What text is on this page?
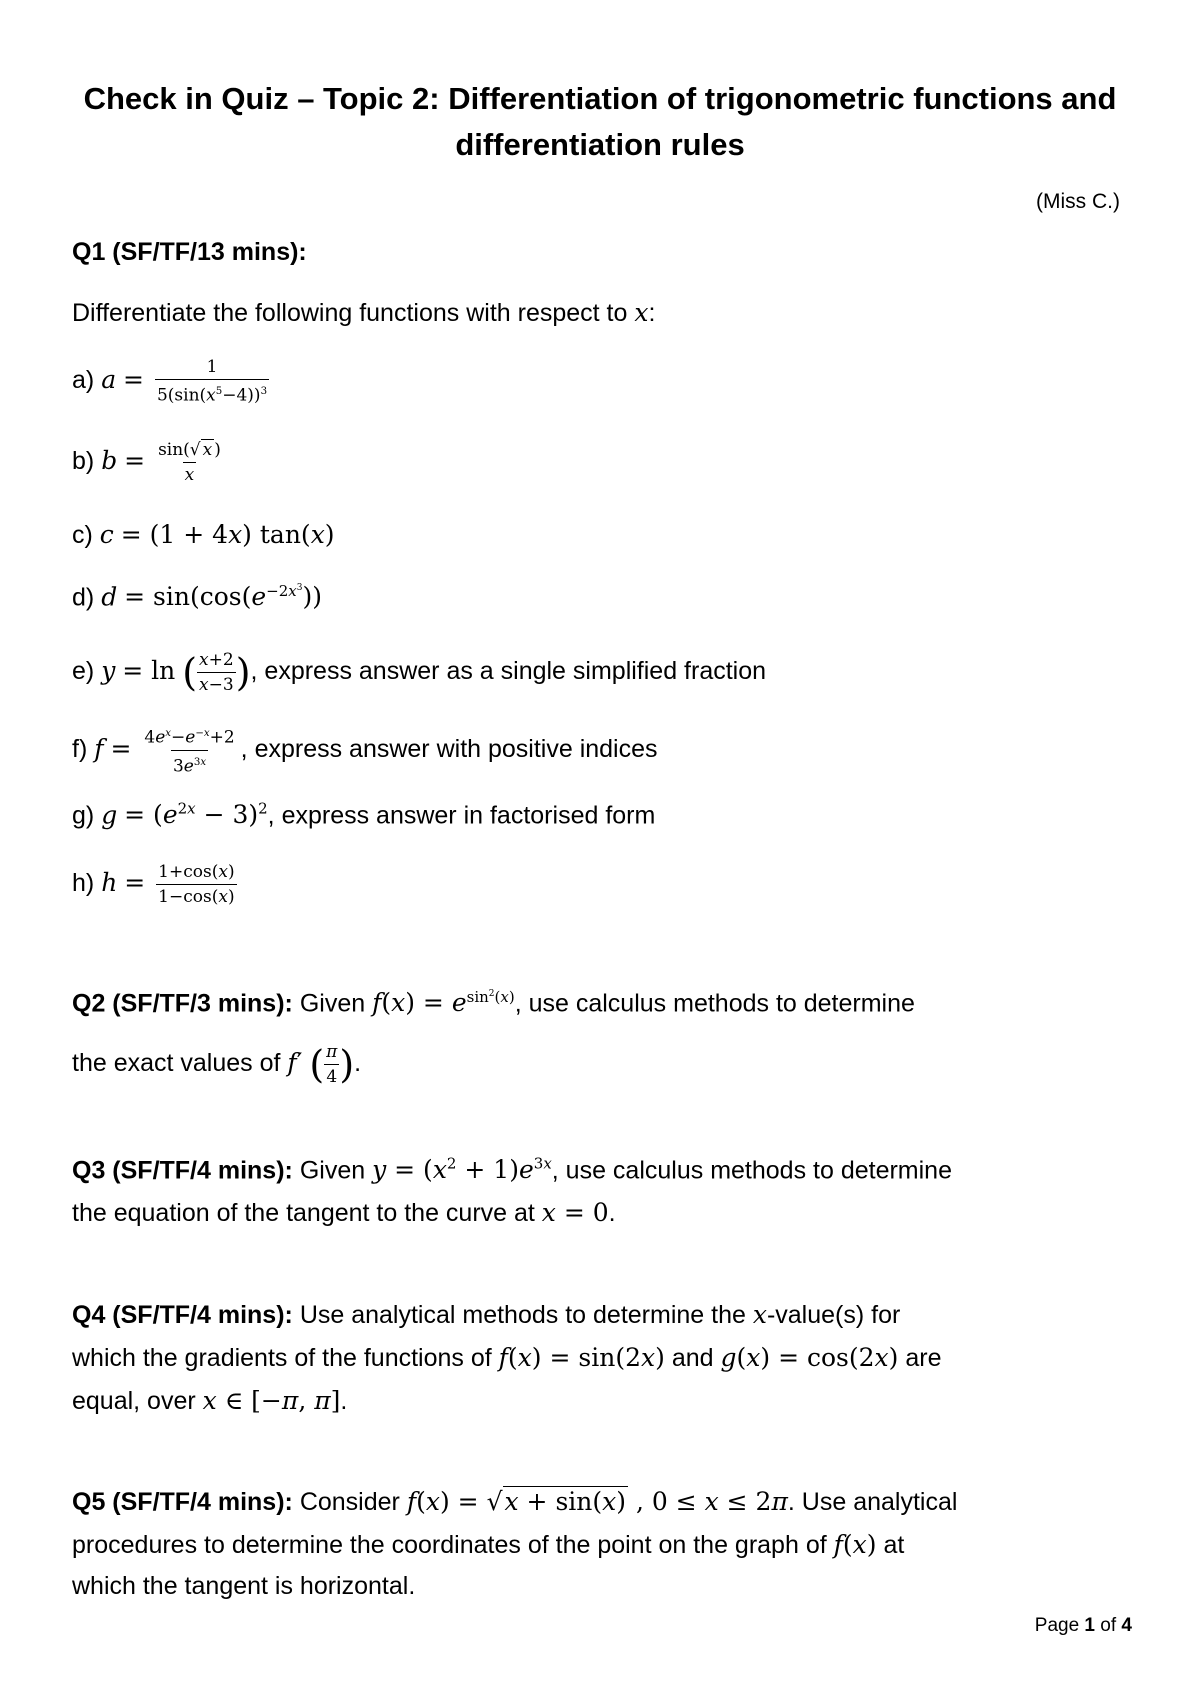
Check in Quiz – Topic 2: Differentiation of trigonometric functions and differentiation rules
(Miss C.)
Q1 (SF/TF/13 mins):
Differentiate the following functions with respect to x:
a) $a = \frac{1}{5(\sin(x^5-4))^3}$
b) $b = \frac{\sin(√ x )}{x}$
c) c = (1 + 4x) tan(x)
d) $d = \sin(\cos(e^{-2x^3}))$
e) y = ln ( $\frac{x+2}{x-3}$ ), express answer as a single simplified fraction
f) $f = \frac{4e^x-e^{-x}+2}{3e^{3x}}$ , express answer with positive indices
g) $g = (e^{2x} - 3)^2$, express answer in factorised form
h) $h = \frac{1+\cos(x)}{1-\cos(x)}$
Q2 (SF/TF/3 mins): Given $f(x) = e^{sin^2(x)}$, use calculus methods to determine
the exact values of f′ ( $\frac{\pi}{4}$ ).
Q3 (SF/TF/4 mins): Given $y = (x^2 + 1)e^{3x}$, use calculus methods to determine
the equation of the tangent to the curve at x = 0.
Q4 (SF/TF/4 mins): Use analytical methods to determine the x-value(s) for
which the gradients of the functions of f(x) = sin(2x) and g(x) = cos(2x) are
equal, over x ∈ [−π, π].
Q5 (SF/TF/4 mins): Consider f(x) = √x + sin(x) , 0 ≤ x ≤ 2π. Use analytical
procedures to determine the coordinates of the point on the graph of f(x) at
which the tangent is horizontal.
Page 1 of 4
